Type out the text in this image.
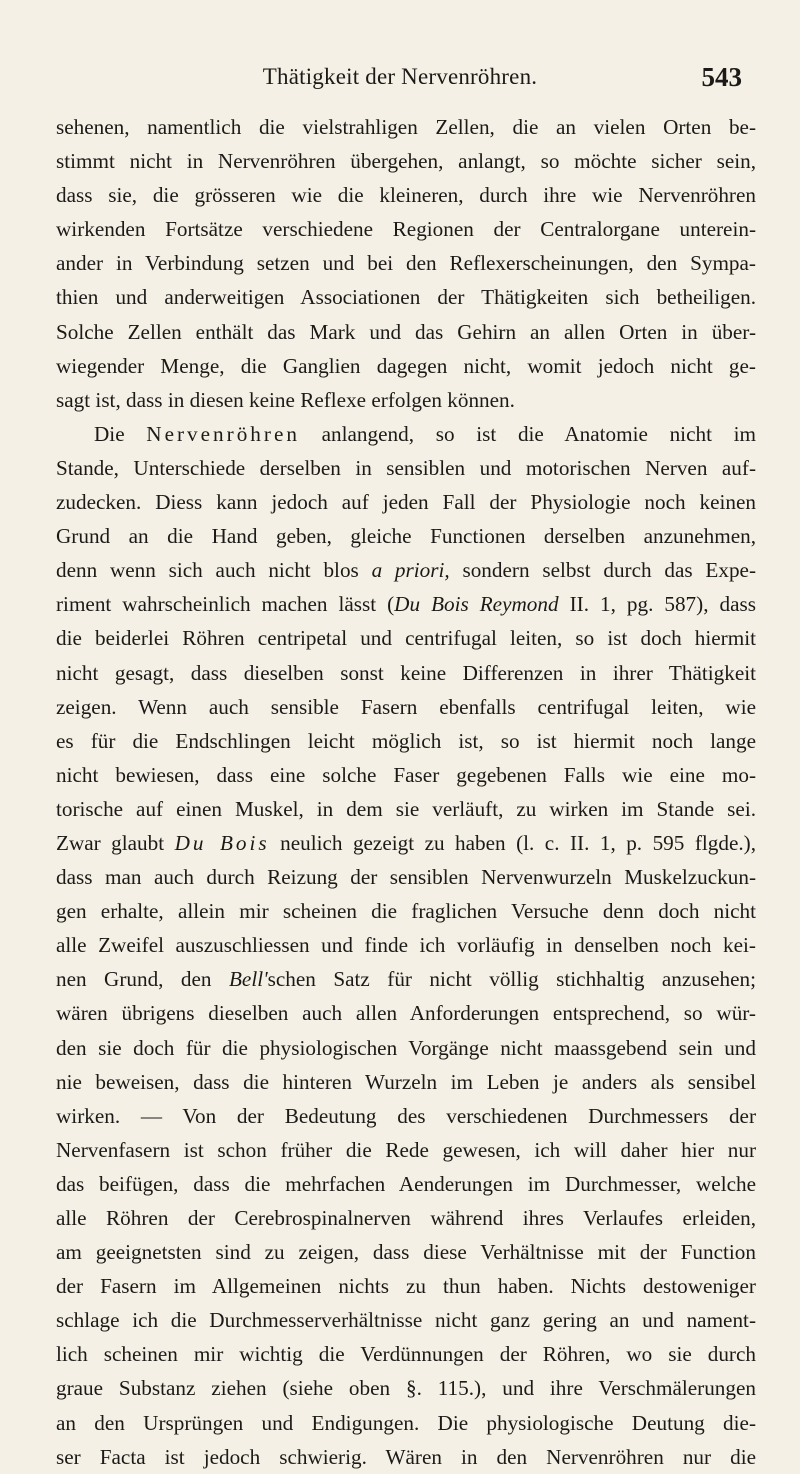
Thätigkeit der Nervenröhren.	543
sehenen, namentlich die vielstrahligen Zellen, die an vielen Orten be-
stimmt nicht in Nervenröhren übergehen, anlangt, so möchte sicher sein,
dass sie, die grösseren wie die kleineren, durch ihre wie Nervenröhren
wirkenden Fortsätze verschiedene Regionen der Centralorgane unterein-
ander in Verbindung setzen und bei den Reflexerscheinungen, den Sympa-
thien und anderweitigen Associationen der Thätigkeiten sich betheiligen.
Solche Zellen enthält das Mark und das Gehirn an allen Orten in über-
wiegender Menge, die Ganglien dagegen nicht, womit jedoch nicht ge-
sagt ist, dass in diesen keine Reflexe erfolgen können.
Die Nervenröhren anlangend, so ist die Anatomie nicht im
Stande, Unterschiede derselben in sensiblen und motorischen Nerven auf-
zudecken. Diess kann jedoch auf jeden Fall der Physiologie noch keinen
Grund an die Hand geben, gleiche Functionen derselben anzunehmen,
denn wenn sich auch nicht blos a priori, sondern selbst durch das Expe-
riment wahrscheinlich machen lässt (Du Bois Reymond II. 1, pg. 587), dass
die beiderlei Röhren centripetal und centrifugal leiten, so ist doch hiermit
nicht gesagt, dass dieselben sonst keine Differenzen in ihrer Thätigkeit
zeigen. Wenn auch sensible Fasern ebenfalls centrifugal leiten, wie
es für die Endschlingen leicht möglich ist, so ist hiermit noch lange
nicht bewiesen, dass eine solche Faser gegebenen Falls wie eine mo-
torische auf einen Muskel, in dem sie verläuft, zu wirken im Stande sei.
Zwar glaubt Du Bois neulich gezeigt zu haben (l. c. II. 1, p. 595 flgde.),
dass man auch durch Reizung der sensiblen Nervenwurzeln Muskelzuckun-
gen erhalte, allein mir scheinen die fraglichen Versuche denn doch nicht
alle Zweifel auszuschliessen und finde ich vorläufig in denselben noch kei-
nen Grund, den Bell'schen Satz für nicht völlig stichhaltig anzusehen;
wären übrigens dieselben auch allen Anforderungen entsprechend, so wür-
den sie doch für die physiologischen Vorgänge nicht maassgebend sein und
nie beweisen, dass die hinteren Wurzeln im Leben je anders als sensibel
wirken. — Von der Bedeutung des verschiedenen Durchmessers der
Nervenfasern ist schon früher die Rede gewesen, ich will daher hier nur
das beifügen, dass die mehrfachen Aenderungen im Durchmesser, welche
alle Röhren der Cerebrospinalnerven während ihres Verlaufes erleiden,
am geeignetsten sind zu zeigen, dass diese Verhältnisse mit der Function
der Fasern im Allgemeinen nichts zu thun haben. Nichts destoweniger
schlage ich die Durchmesserverhältnisse nicht ganz gering an und nament-
lich scheinen mir wichtig die Verdünnungen der Röhren, wo sie durch
graue Substanz ziehen (siehe oben §. 115.), und ihre Verschmälerungen
an den Ursprüngen und Endigungen. Die physiologische Deutung die-
ser Facta ist jedoch schwierig. Wären in den Nervenröhren nur die
